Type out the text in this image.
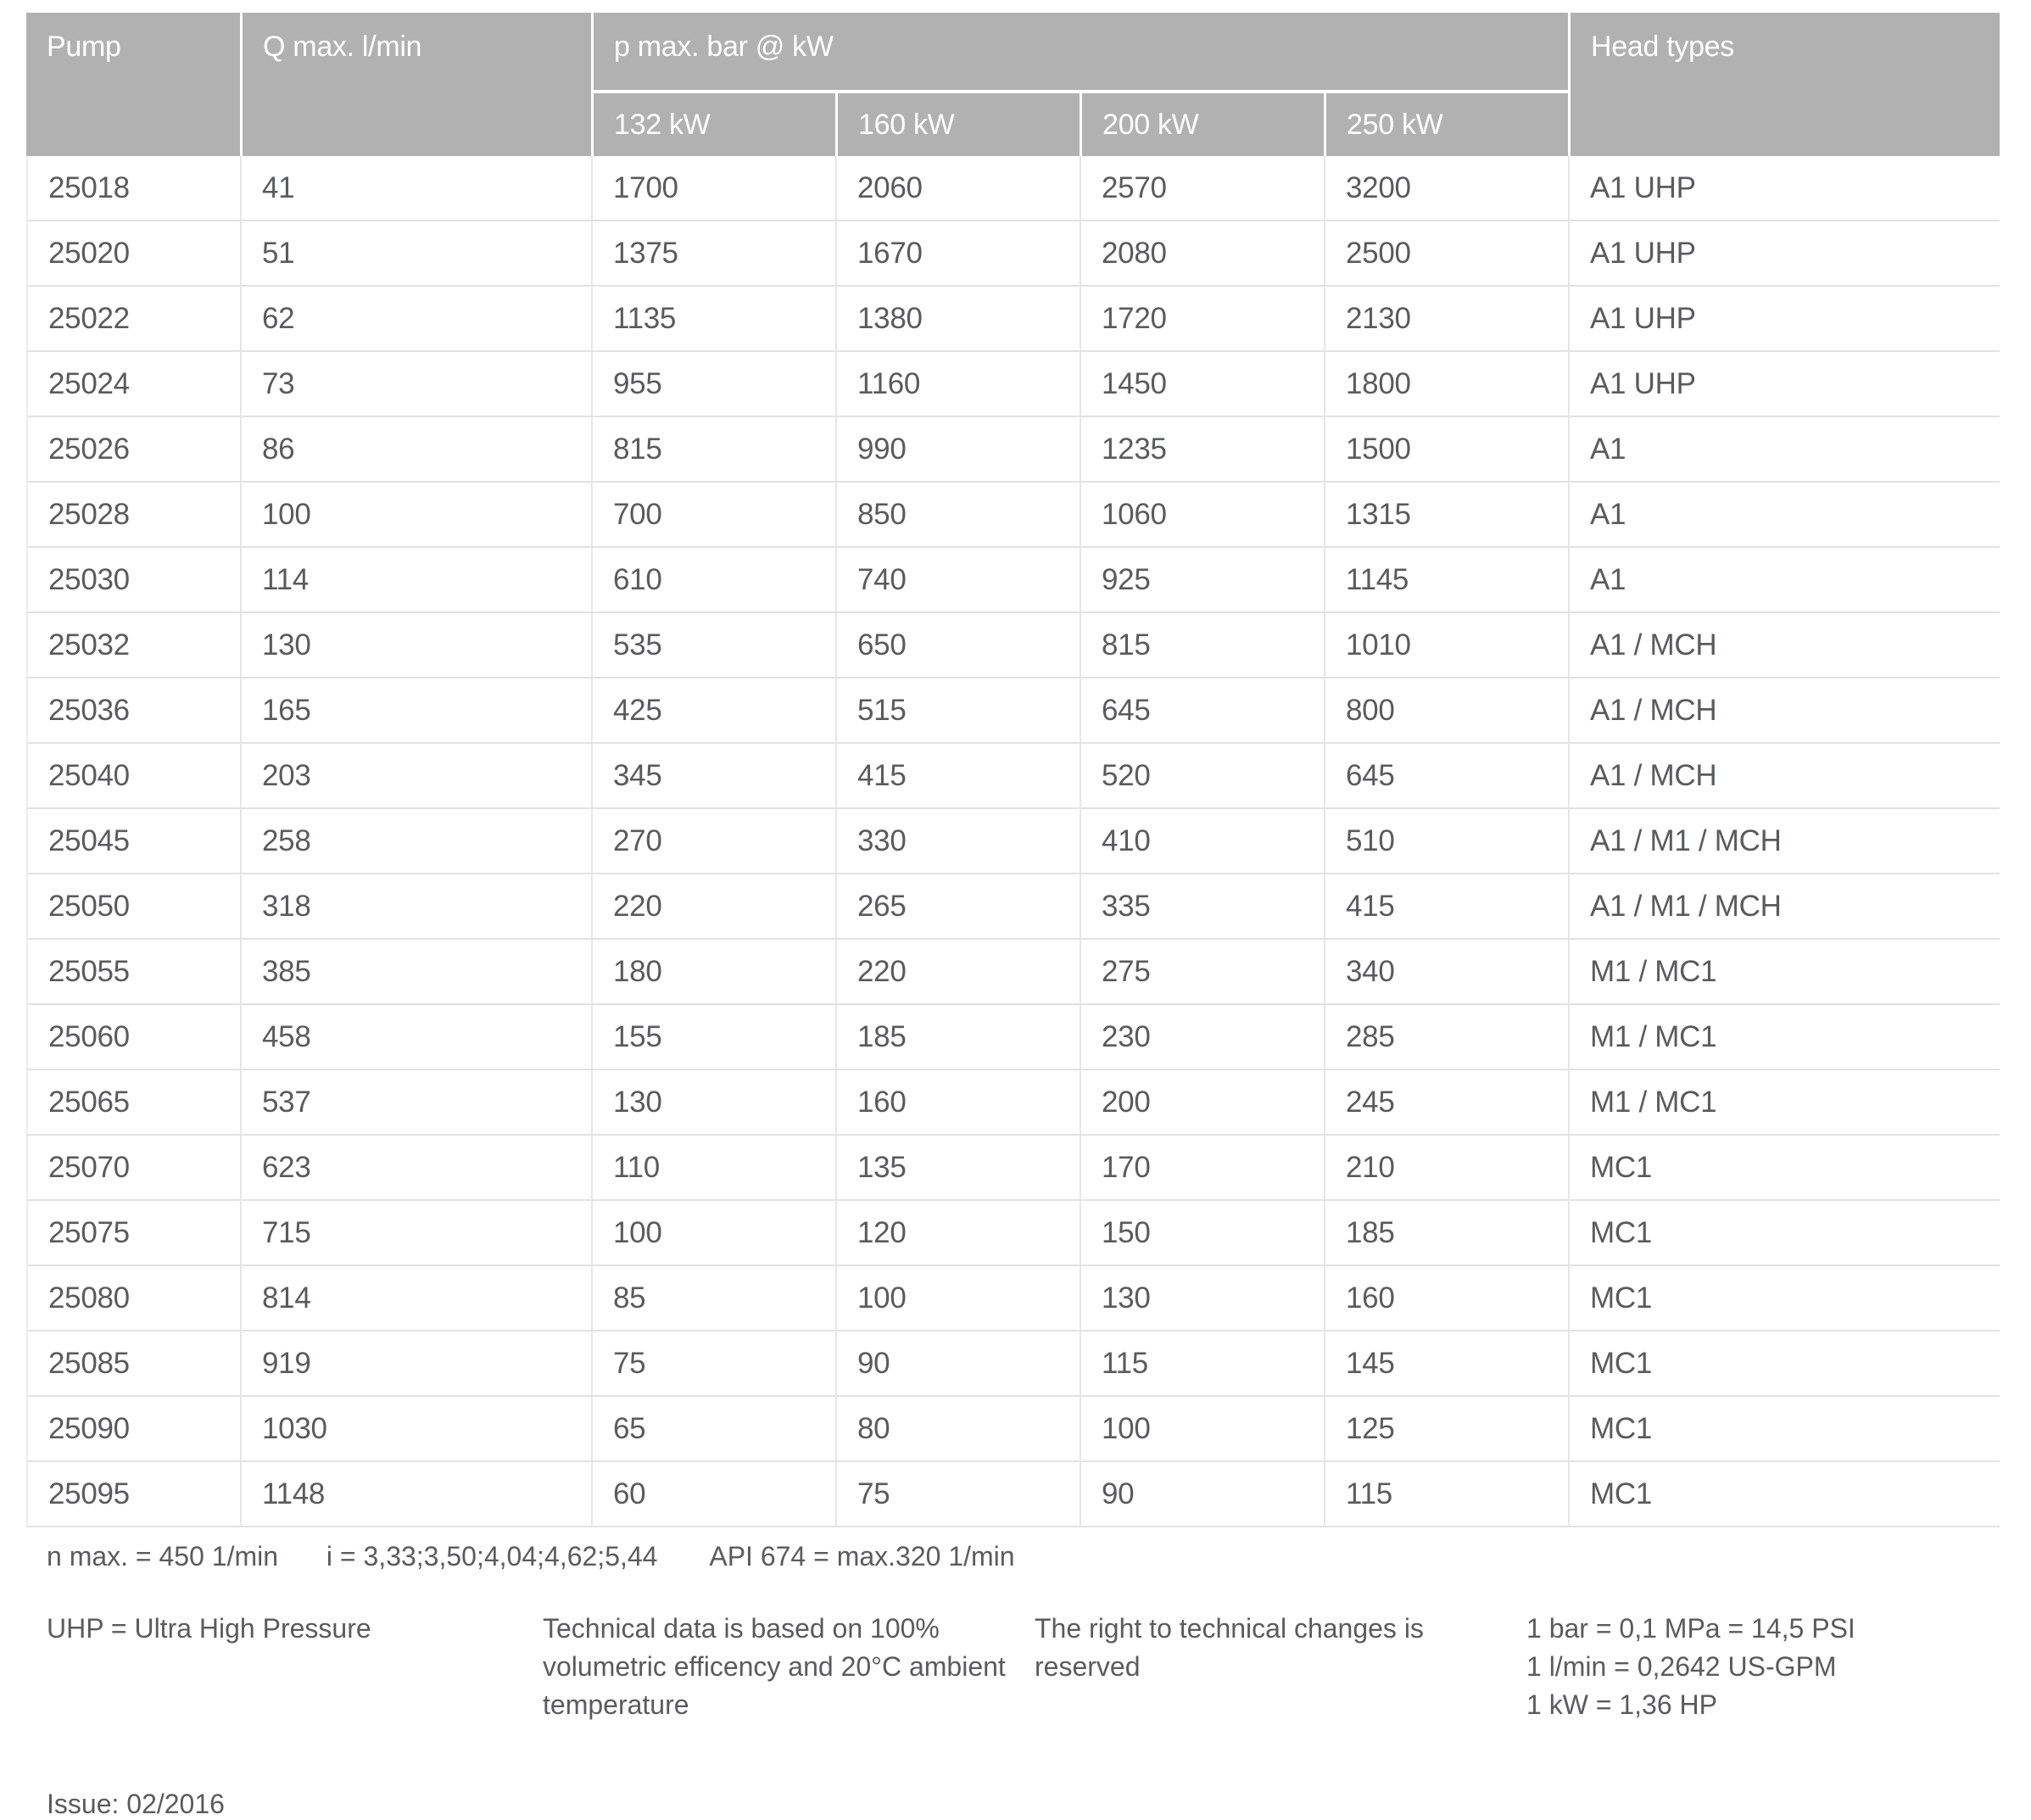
Pump	Q max. l/min	p max. bar @ kW				Head types
		132 kW	160 kW	200 kW	250 kW	
25018	41	1700	2060	2570	3200	A1 UHP
25020	51	1375	1670	2080	2500	A1 UHP
25022	62	1135	1380	1720	2130	A1 UHP
25024	73	955	1160	1450	1800	A1 UHP
25026	86	815	990	1235	1500	A1
25028	100	700	850	1060	1315	A1
25030	114	610	740	925	1145	A1
25032	130	535	650	815	1010	A1 / MCH
25036	165	425	515	645	800	A1 / MCH
25040	203	345	415	520	645	A1 / MCH
25045	258	270	330	410	510	A1 / M1 / MCH
25050	318	220	265	335	415	A1 / M1 / MCH
25055	385	180	220	275	340	M1 / MC1
25060	458	155	185	230	285	M1 / MC1
25065	537	130	160	200	245	M1 / MC1
25070	623	110	135	170	210	MC1
25075	715	100	120	150	185	MC1
25080	814	85	100	130	160	MC1
25085	919	75	90	115	145	MC1
25090	1030	65	80	100	125	MC1
25095	1148	60	75	90	115	MC1
n max. = 450 1/min i = 3,33;3,50;4,04;4,62;5,44 API 674 = max.320 1/min
UHP = Ultra High Pressure	Technical data is based on 100%
volumetric efficency and 20°C ambient
temperature
The right to technical changes is reserved
1 bar = 0,1 MPa = 14,5 PSI
1 l/min = 0,2642 US-GPM
1 kW = 1,36 HP
Issue: 02/2016
